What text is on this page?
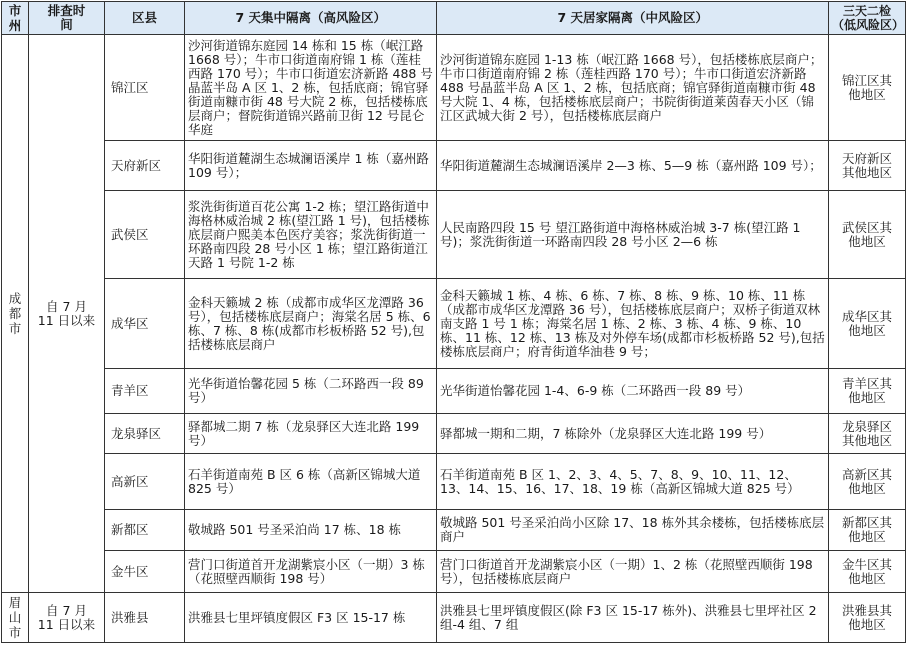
市州	排查时间	区县	7 天集中隔离（高风险区）	7 天居家隔离（中风险区）	三天二检（低风险区）

成都市	自 7 月 11 日以来	锦江区	沙河街道锦东庭园 14 栋和 15 栋（岷江路 1668 号）；牛市口街道南府锦 1 栋（莲桂西路 170 号）；牛市口街道宏济新路 488 号晶蓝半岛 A 区 1、2 栋，包括底商；锦官驿街道南糠市街 48 号大院 2 栋，包括楼栋底层商户；督院街道锦兴路前卫街 12 号昆仑华庭	沙河街道锦东庭园 1-13 栋（岷江路 1668 号），包括楼栋底层商户；牛市口街道南府锦 2 栋（莲桂西路 170 号）；牛市口街道宏济新路 488 号晶蓝半岛 A 区 1、2 栋，包括底商；锦官驿街道南糠市街 48 号大院 1、4 栋，包括楼栋底层商户；书院街街道莱茵春天小区（锦江区武城大街 2 号），包括楼栋底层商户	锦江区其他地区

		天府新区	华阳街道麓湖生态城澜语溪岸 1 栋（嘉州路 109 号）；	华阳街道麓湖生态城澜语溪岸 2—3 栋、5—9 栋（嘉州路 109 号）；	天府新区其他地区

		武侯区	浆洗街街道百花公寓 1-2 栋；望江路街道中海格林威治城 2 栋(望江路 1 号)，包括楼栋底层商户熙美本色医疗美容；浆洗街街道一环路南四段 28 号小区 1 栋；望江路街道江天路 1 号院 1-2 栋	人民南路四段 15 号 望江路街道中海格林威治城 3-7 栋(望江路 1 号)；浆洗街街道一环路南四段 28 号小区 2—6 栋	武侯区其他地区

		成华区	金科天籁城 2 栋（成都市成华区龙潭路 36 号），包括楼栋底层商户；海棠名居 5 栋、6 栋、7 栋、8 栋(成都市杉板桥路 52 号),包括楼栋底层商户	金科天籁城 1 栋、4 栋、6 栋、7 栋、8 栋、9 栋、10 栋、11 栋（成都市成华区龙潭路 36 号），包括楼栋底层商户；双桥子街道双林南支路 1 号 1 栋；海棠名居 1 栋、2 栋、3 栋、4 栋、9 栋、10 栋、11 栋、12 栋、13 栋及对外停车场(成都市杉板桥路 52 号),包括楼栋底层商户；府青街道华油巷 9 号；	成华区其他地区

		青羊区	光华街道怡馨花园 5 栋（二环路西一段 89 号）	光华街道怡馨花园 1-4、6-9 栋（二环路西一段 89 号）	青羊区其他地区

		龙泉驿区	驿都城二期 7 栋（龙泉驿区大连北路 199 号）	驿都城一期和二期，7 栋除外（龙泉驿区大连北路 199 号）	龙泉驿区其他地区

		高新区	石羊街道南苑 B 区 6 栋（高新区锦城大道 825 号）	石羊街道南苑 B 区 1、2、3、4、5、7、8、9、10、11、12、13、14、15、16、17、18、19 栋（高新区锦城大道 825 号）	高新区其他地区

		新都区	敬城路 501 号圣采泊尚 17 栋、18 栋	敬城路 501 号圣采泊尚小区除 17、18 栋外其余楼栋，包括楼栋底层商户	新都区其他地区

		金牛区	营门口街道首开龙湖紫宸小区（一期）3 栋（花照壁西顺街 198 号）	营门口街道首开龙湖紫宸小区（一期）1、2 栋（花照壁西顺街 198 号），包括楼栋底层商户	金牛区其他地区

眉山市	自 7 月 11 日以来	洪雅县	洪雅县七里坪镇度假区 F3 区 15-17 栋	洪雅县七里坪镇度假区(除 F3 区 15-17 栋外)、洪雅县七里坪社区 2 组-4 组、7 组	洪雅县其他地区
